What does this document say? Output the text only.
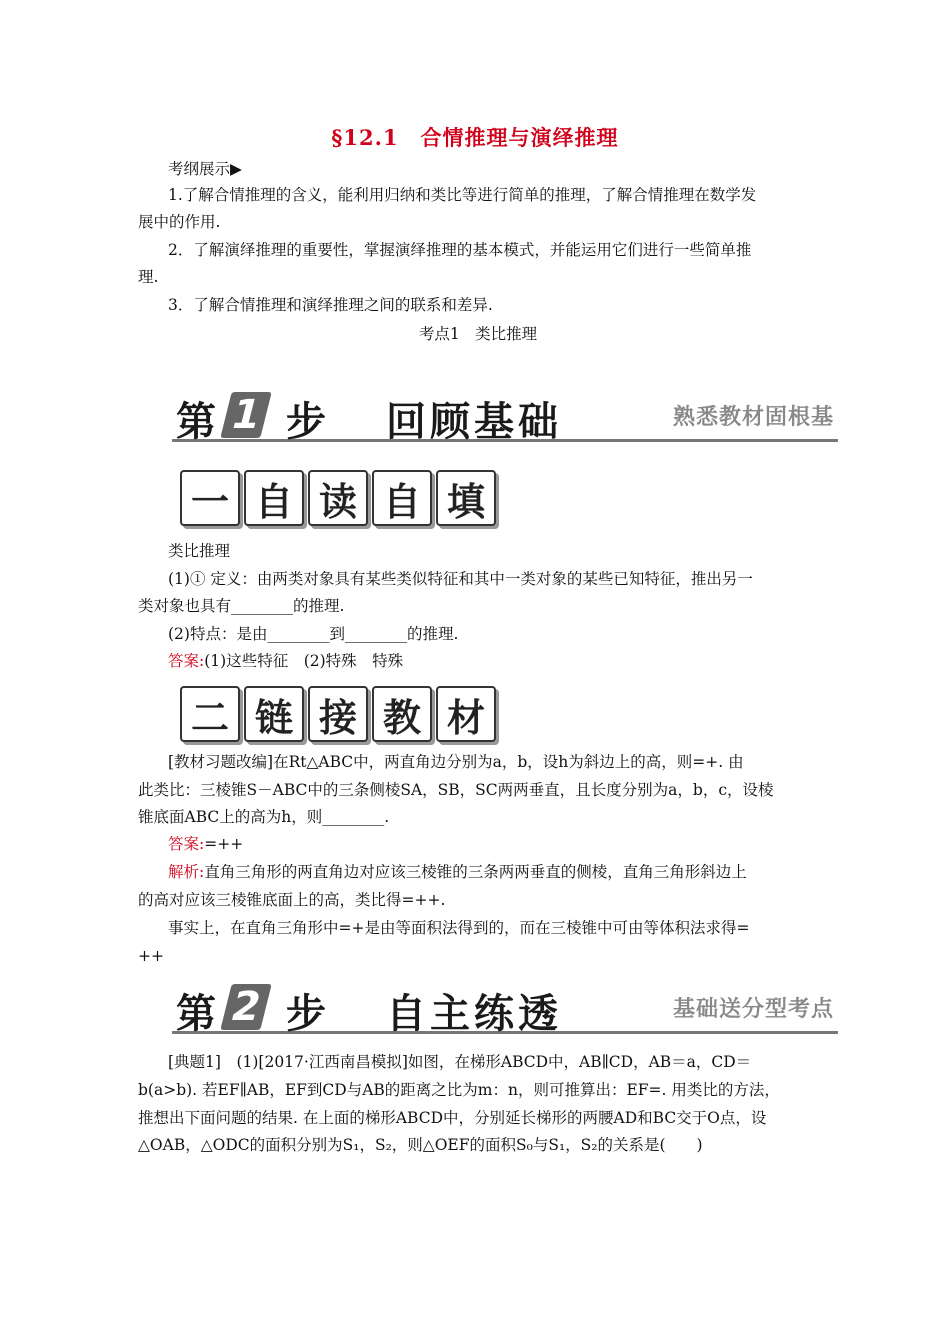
§12.1　合情推理与演绎推理
考纲展示▶
1.了解合情推理的含义，能利用归纳和类比等进行简单的推理，了解合情推理在数学发
展中的作用.
2．了解演绎推理的重要性，掌握演绎推理的基本模式，并能运用它们进行一些简单推
理.
3．了解合情推理和演绎推理之间的联系和差异.
考点1　类比推理
第 1 步 回顾基础	熟悉教材固根基
一 自 读 自 填
类比推理
(1)① 定义：由两类对象具有某些类似特征和其中一类对象的某些已知特征，推出另一
类对象也具有________的推理.
(2)特点：是由________到________的推理.
答案:(1)这些特征　(2)特殊　特殊
二 链 接 教 材
[教材习题改编]在Rt△ABC中，两直角边分别为a，b，设h为斜边上的高，则=+. 由
此类比：三棱锥S－ABC中的三条侧棱SA，SB，SC两两垂直，且长度分别为a，b，c，设棱
锥底面ABC上的高为h，则________.
答案:=++
解析:直角三角形的两直角边对应该三棱锥的三条两两垂直的侧棱，直角三角形斜边上
的高对应该三棱锥底面上的高，类比得=++.
事实上，在直角三角形中=+是由等面积法得到的，而在三棱锥中可由等体积法求得=
++
第 2 步 自主练透	基础送分型考点
[典题1]　(1)[2017·江西南昌模拟]如图，在梯形ABCD中，AB∥CD，AB＝a，CD＝
b(a>b). 若EF∥AB，EF到CD与AB的距离之比为m：n，则可推算出：EF=. 用类比的方法，
推想出下面问题的结果. 在上面的梯形ABCD中，分别延长梯形的两腰AD和BC交于O点，设
△OAB，△ODC的面积分别为S₁，S₂，则△OEF的面积S₀与S₁，S₂的关系是(　　)
